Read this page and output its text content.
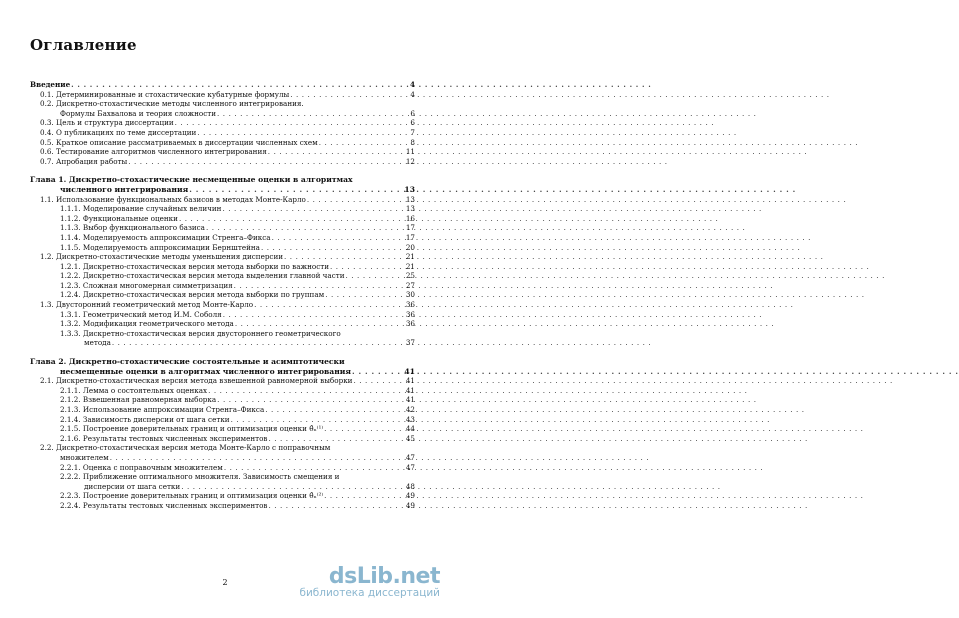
Оглавление
Введение . . .	4
0.1. Детерминированные и стохастические кубатурные формулы . . .	4
0.2. Дискретно-стохастические методы численного интегрирования.
Формулы Бахвалова и теория сложности . . .	6
0.3. Цель и структура диссертации . . .	6
0.4. О публикациях по теме диссертации . . .	7
0.5. Краткое описание рассматриваемых в диссертации численных схем . . .	8
0.6. Тестирование алгоритмов численного интегрирования . . .	11
0.7. Апробация работы . . .	12
Глава 1. Дискретно-стохастические несмещенные оценки в алгоритмах
численного интегрирования . . .	13
1.1. Использование функциональных базисов в методах Монте-Карло . . .	13
1.1.1. Моделирование случайных величин . . .	13
1.1.2. Функциональные оценки . . .	16
1.1.3. Выбор функционального базиса . . .	17
1.1.4. Моделируемость аппроксимации Стренга–Фикса . . .	17
1.1.5. Моделируемость аппроксимации Бернштейна . . .	20
1.2. Дискретно-стохастические методы уменьшения дисперсии . . .	21
1.2.1. Дискретно-стохастическая версия метода выборки по важности . . .	21
1.2.2. Дискретно-стохастическая версия метода выделения главной части . . .	25
1.2.3. Сложная многомерная симметризация . . .	27
1.2.4. Дискретно-стохастическая версия метода выборки по группам . . .	30
1.3. Двусторонний геометрический метод Монте-Карло . . .	36
1.3.1. Геометрический метод И.М. Соболя . . .	36
1.3.2. Модификация геометрического метода . . .	36
1.3.3. Дискретно-стохастическая версия двустороннего геометрического
метода . . .	37
Глава 2. Дискретно-стохастические состоятельные и асимптотически
несмещенные оценки в алгоритмах численного интегрирования . . .	41
2.1. Дискретно-стохастическая версия метода взвешенной равномерной выборки . . .	41
2.1.1. Лемма о состоятельных оценках . . .	41
2.1.2. Взвешенная равномерная выборка . . .	41
2.1.3. Использование аппроксимации Стренга–Фикса . . .	42
2.1.4. Зависимость дисперсии от шага сетки . . .	43
2.1.5. Построение доверительных границ и оптимизация оценки θ̂ₙ⁽¹⁾ . . .	44
2.1.6. Результаты тестовых численных экспериментов . . .	45
2.2. Дискретно-стохастическая версия метода Монте-Карло с поправочным
множителем . . .	47
2.2.1. Оценка с поправочным множителем . . .	47
2.2.2. Приближение оптимального множителя. Зависимость смещения и
дисперсии от шага сетки . . .	48
2.2.3. Построение доверительных границ и оптимизация оценки θ̂ₙ⁽²⁾ . . .	49
2.2.4. Результаты тестовых численных экспериментов . . .	49
2	dsLib.net
библиотека диссертаций
